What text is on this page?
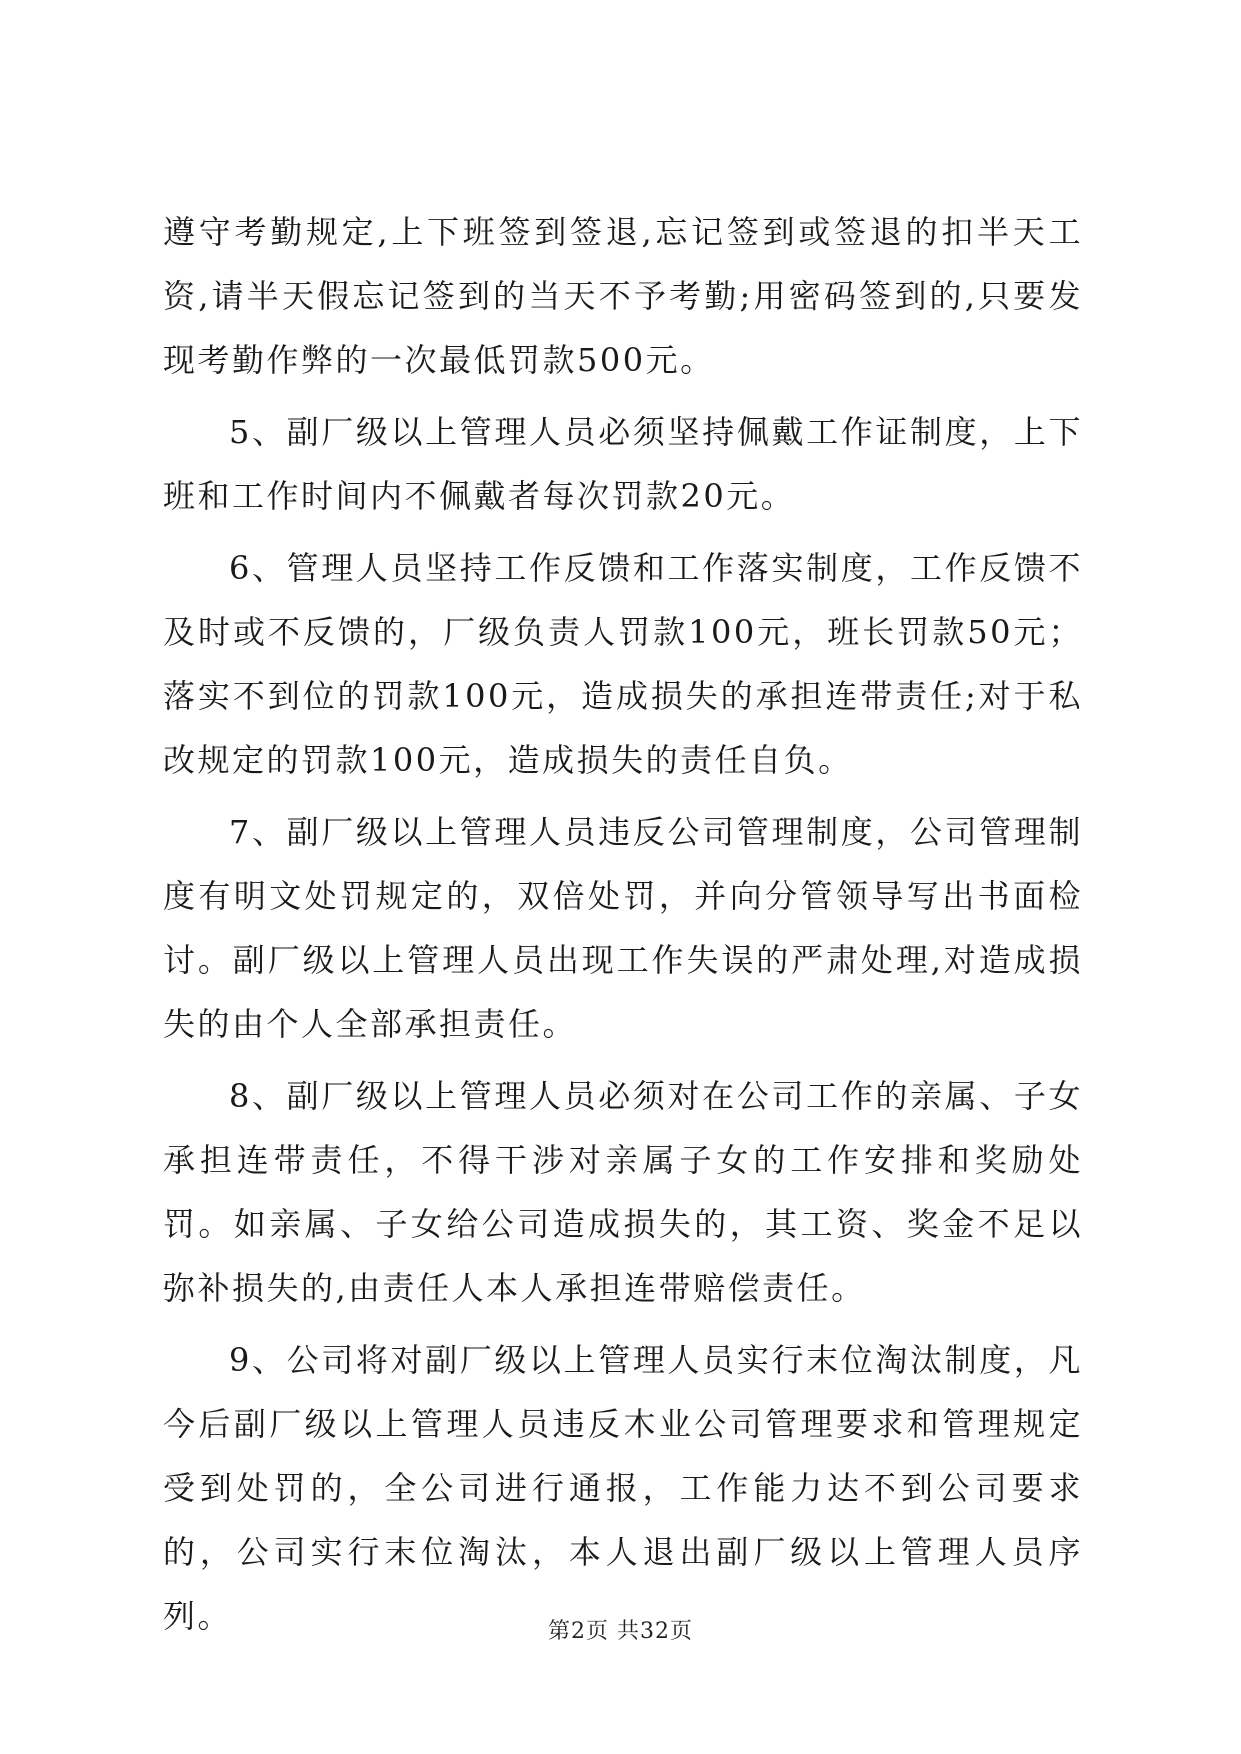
遵守考勤规定,上下班签到签退,忘记签到或签退的扣半天工资,请半天假忘记签到的当天不予考勤;用密码签到的,只要发现考勤作弊的一次最低罚款500元。

5、副厂级以上管理人员必须坚持佩戴工作证制度，上下班和工作时间内不佩戴者每次罚款20元。

6、管理人员坚持工作反馈和工作落实制度，工作反馈不及时或不反馈的，厂级负责人罚款100元，班长罚款50元；落实不到位的罚款100元，造成损失的承担连带责任;对于私改规定的罚款100元，造成损失的责任自负。

7、副厂级以上管理人员违反公司管理制度，公司管理制度有明文处罚规定的，双倍处罚，并向分管领导写出书面检讨。副厂级以上管理人员出现工作失误的严肃处理,对造成损失的由个人全部承担责任。

8、副厂级以上管理人员必须对在公司工作的亲属、子女承担连带责任，不得干涉对亲属子女的工作安排和奖励处罚。如亲属、子女给公司造成损失的，其工资、奖金不足以弥补损失的,由责任人本人承担连带赔偿责任。

9、公司将对副厂级以上管理人员实行末位淘汰制度，凡今后副厂级以上管理人员违反木业公司管理要求和管理规定受到处罚的，全公司进行通报，工作能力达不到公司要求的，公司实行末位淘汰，本人退出副厂级以上管理人员序列。	第2页 共32页
